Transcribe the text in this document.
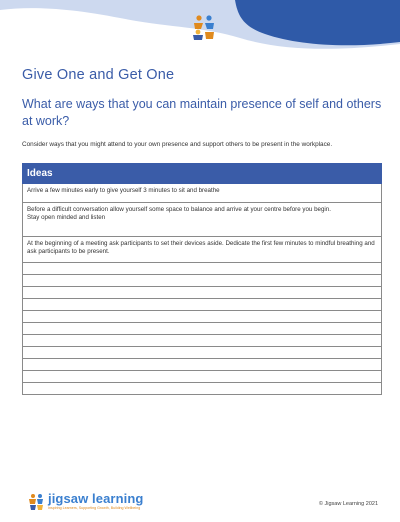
Give One and Get One
What are ways that you can maintain presence of self and others at work?

Consider ways that you might attend to your own presence and support others to be present in the workplace.

Ideas
Arrive a few minutes early to give yourself 3 minutes to sit and breathe

Before a difficult conversation allow yourself some space to balance and arrive at your centre before you begin.
Stay open minded and listen

At the beginning of a meeting ask participants to set their devices aside. Dedicate the first few minutes to mindful breathing and ask participants to be present.

jigsaw learning
Inspiring Learners, Supporting Growth, Building Wellbeing
© Jigsaw Learning 2021
